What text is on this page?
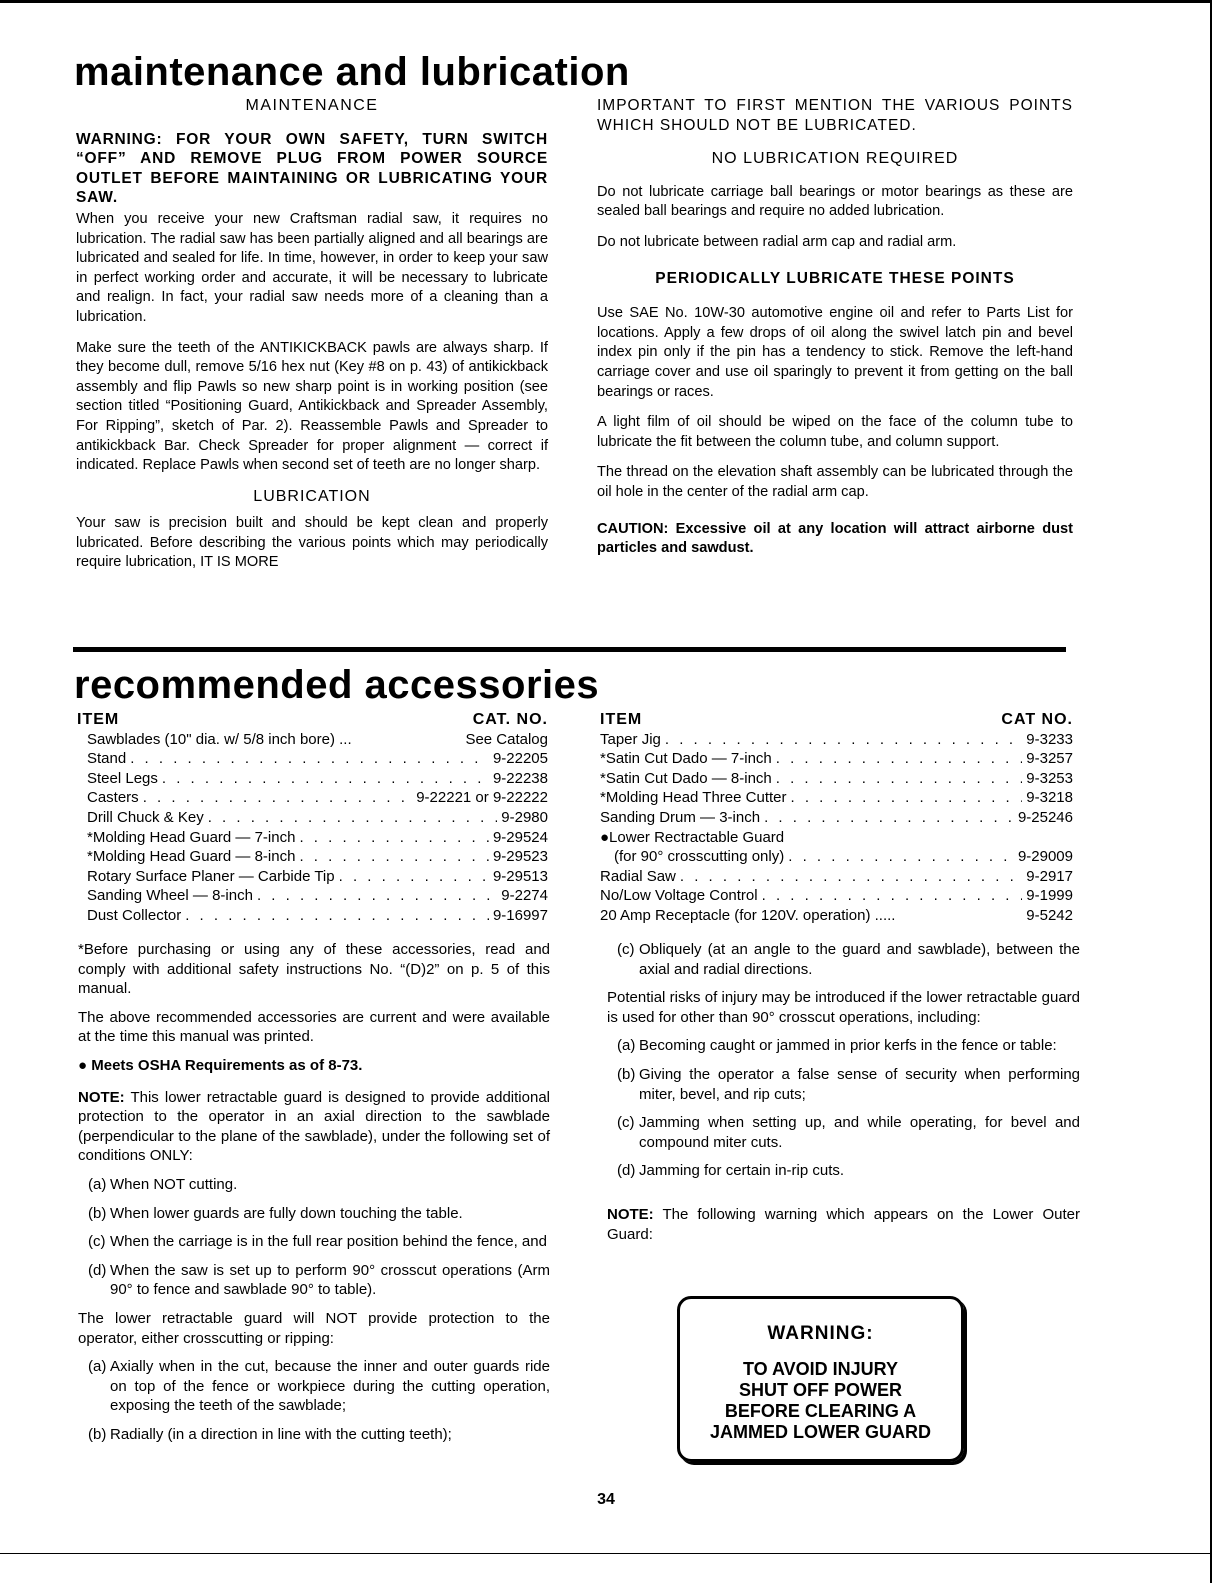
maintenance and lubrication

MAINTENANCE

WARNING: FOR YOUR OWN SAFETY, TURN SWITCH “OFF” AND REMOVE PLUG FROM POWER SOURCE OUTLET BEFORE MAINTAINING OR LUBRICATING YOUR SAW.

When you receive your new Craftsman radial saw, it requires no lubrication. The radial saw has been partially aligned and all bearings are lubricated and sealed for life. In time, however, in order to keep your saw in perfect working order and accurate, it will be necessary to lubricate and realign. In fact, your radial saw needs more of a cleaning than a lubrication.

Make sure the teeth of the ANTIKICKBACK pawls are always sharp. If they become dull, remove 5/16 hex nut (Key #8 on p. 43) of antikickback assembly and flip Pawls so new sharp point is in working position (see section titled “Positioning Guard, Antikickback and Spreader Assembly, For Ripping”, sketch of Par. 2). Reassemble Pawls and Spreader to antikickback Bar. Check Spreader for proper alignment — correct if indicated. Replace Pawls when second set of teeth are no longer sharp.

LUBRICATION

Your saw is precision built and should be kept clean and properly lubricated. Before describing the various points which may periodically require lubrication, IT IS MORE

IMPORTANT TO FIRST MENTION THE VARIOUS POINTS WHICH SHOULD NOT BE LUBRICATED.

NO LUBRICATION REQUIRED

Do not lubricate carriage ball bearings or motor bearings as these are sealed ball bearings and require no added lubrication.

Do not lubricate between radial arm cap and radial arm.

PERIODICALLY LUBRICATE THESE POINTS

Use SAE No. 10W-30 automotive engine oil and refer to Parts List for locations. Apply a few drops of oil along the swivel latch pin and bevel index pin only if the pin has a tendency to stick. Remove the left-hand carriage cover and use oil sparingly to prevent it from getting on the ball bearings or races.

A light film of oil should be wiped on the face of the column tube to lubricate the fit between the column tube, and column support.

The thread on the elevation shaft assembly can be lubricated through the oil hole in the center of the radial arm cap.

CAUTION: Excessive oil at any location will attract airborne dust particles and sawdust.

recommended accessories
ITEM	CAT. NO.
Sawblades (10" dia. w/ 5/8 inch bore) ...	See Catalog
Stand . . .	9-22205
Steel Legs . . .	9-22238
Casters . . .	9-22221 or 9-22222
Drill Chuck & Key . . .	9-2980
*Molding Head Guard — 7-inch . . .	9-29524
*Molding Head Guard — 8-inch . . .	9-29523
Rotary Surface Planer — Carbide Tip . . .	9-29513
Sanding Wheel — 8-inch . . .	9-2274
Dust Collector . . .	9-16997
ITEM	CAT NO.
Taper Jig . . .	9-3233
*Satin Cut Dado — 7-inch . . .	9-3257
*Satin Cut Dado — 8-inch . . .	9-3253
*Molding Head Three Cutter . . .	9-3218
Sanding Drum — 3-inch . . .	9-25246
●Lower Rectractable Guard
(for 90° crosscutting only) . . .	9-29009
Radial Saw . . .	9-2917
No/Low Voltage Control . . .	9-1999
20 Amp Receptacle (for 120V. operation) .....	9-5242

*Before purchasing or using any of these accessories, read and comply with additional safety instructions No. “(D)2” on p. 5 of this manual.

The above recommended accessories are current and were available at the time this manual was printed.

● Meets OSHA Requirements as of 8-73.

NOTE: This lower retractable guard is designed to provide additional protection to the operator in an axial direction to the sawblade (perpendicular to the plane of the sawblade), under the following set of conditions ONLY:

(a) When NOT cutting.
(b) When lower guards are fully down touching the table.
(c) When the carriage is in the full rear position behind the fence, and
(d) When the saw is set up to perform 90° crosscut operations (Arm 90° to fence and sawblade 90° to table).

The lower retractable guard will NOT provide protection to the operator, either crosscutting or ripping:

(a) Axially when in the cut, because the inner and outer guards ride on top of the fence or workpiece during the cutting operation, exposing the teeth of the sawblade;
(b) Radially (in a direction in line with the cutting teeth);
(c) Obliquely (at an angle to the guard and sawblade), between the axial and radial directions.

Potential risks of injury may be introduced if the lower retractable guard is used for other than 90° crosscut operations, including:

(a) Becoming caught or jammed in prior kerfs in the fence or table:
(b) Giving the operator a false sense of security when performing miter, bevel, and rip cuts;
(c) Jamming when setting up, and while operating, for bevel and compound miter cuts.
(d) Jamming for certain in-rip cuts.

NOTE: The following warning which appears on the Lower Outer Guard:

WARNING:
TO AVOID INJURY
SHUT OFF POWER
BEFORE CLEARING A
JAMMED LOWER GUARD
34
